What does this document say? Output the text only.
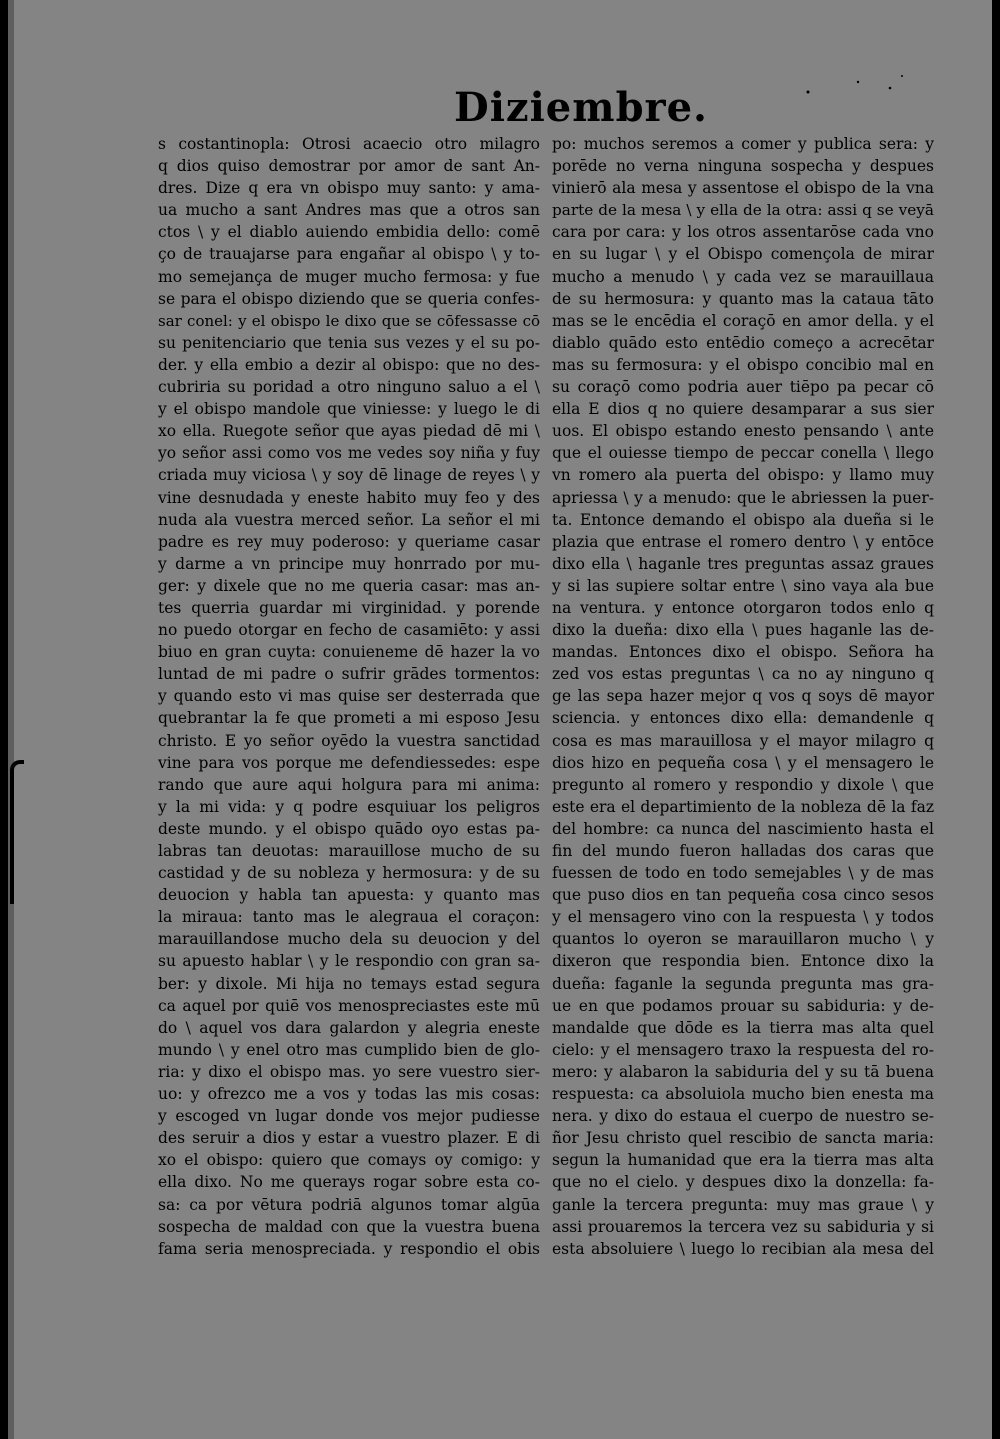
Diziembre.
s costantinopla: Otrosi acaecio otro milagro
q dios quiso demostrar por amor de sant An-
dres. Dize q era vn obispo muy santo: y ama-
ua mucho a sant Andres mas que a otros san
ctos \ y el diablo auiendo embidia dello: comē
ço de trauajarse para engañar al obispo \ y to-
mo semejança de muger mucho fermosa: y fue
se para el obispo diziendo que se queria confes-
sar conel: y el obispo le dixo que se cōfessasse cō
su penitenciario que tenia sus vezes y el su po-
der. y ella embio a dezir al obispo: que no des-
cubriria su poridad a otro ninguno saluo a el \
y el obispo mandole que viniesse: y luego le di
xo ella. Ruegote señor que ayas piedad dē mi \
yo señor assi como vos me vedes soy niña y fuy
criada muy viciosa \ y soy dē linage de reyes \ y
vine desnudada y eneste habito muy feo y des
nuda ala vuestra merced señor. La señor el mi
padre es rey muy poderoso: y queriame casar
y darme a vn principe muy honrrado por mu-
ger: y dixele que no me queria casar: mas an-
tes querria guardar mi virginidad. y porende
no puedo otorgar en fecho de casamiēto: y assi
biuo en gran cuyta: conuieneme dē hazer la vo
luntad de mi padre o sufrir grādes tormentos:
y quando esto vi mas quise ser desterrada que
quebrantar la fe que prometi a mi esposo Jesu
christo. E yo señor oyēdo la vuestra sanctidad
vine para vos porque me defendiessedes: espe
rando que aure aqui holgura para mi anima:
y la mi vida: y q podre esquiuar los peligros
deste mundo. y el obispo quādo oyo estas pa-
labras tan deuotas: marauillose mucho de su
castidad y de su nobleza y hermosura: y de su
deuocion y habla tan apuesta: y quanto mas
la miraua: tanto mas le alegraua el coraçon:
marauillandose mucho dela su deuocion y del
su apuesto hablar \ y le respondio con gran sa-
ber: y dixole. Mi hija no temays estad segura
ca aquel por quiē vos menospreciastes este mū
do \ aquel vos dara galardon y alegria eneste
mundo \ y enel otro mas cumplido bien de glo-
ria: y dixo el obispo mas. yo sere vuestro sier-
uo: y ofrezco me a vos y todas las mis cosas:
y escoged vn lugar donde vos mejor pudiesse
des seruir a dios y estar a vuestro plazer. E di
xo el obispo: quiero que comays oy comigo: y
ella dixo. No me querays rogar sobre esta co-
sa: ca por vētura podriā algunos tomar algūa
sospecha de maldad con que la vuestra buena
fama seria menospreciada. y respondio el obis
po: muchos seremos a comer y publica sera: y
porēde no verna ninguna sospecha y despues
vinierō ala mesa y assentose el obispo de la vna
parte de la mesa \ y ella de la otra: assi q se veyā
cara por cara: y los otros assentarōse cada vno
en su lugar \ y el Obispo començola de mirar
mucho a menudo \ y cada vez se marauillaua
de su hermosura: y quanto mas la cataua tāto
mas se le encēdia el coraçō en amor della. y el
diablo quādo esto entēdio começo a acrecētar
mas su fermosura: y el obispo concibio mal en
su coraçō como podria auer tiēpo pa pecar cō
ella E dios q no quiere desamparar a sus sier
uos. El obispo estando enesto pensando \ ante
que el ouiesse tiempo de peccar conella \ llego
vn romero ala puerta del obispo: y llamo muy
apriessa \ y a menudo: que le abriessen la puer-
ta. Entonce demando el obispo ala dueña si le
plazia que entrase el romero dentro \ y entōce
dixo ella \ haganle tres preguntas assaz graues
y si las supiere soltar entre \ sino vaya ala bue
na ventura. y entonce otorgaron todos enlo q
dixo la dueña: dixo ella \ pues haganle las de-
mandas. Entonces dixo el obispo. Señora ha
zed vos estas preguntas \ ca no ay ninguno q
ge las sepa hazer mejor q vos q soys dē mayor
sciencia. y entonces dixo ella: demandenle q
cosa es mas marauillosa y el mayor milagro q
dios hizo en pequeña cosa \ y el mensagero le
pregunto al romero y respondio y dixole \ que
este era el departimiento de la nobleza dē la faz
del hombre: ca nunca del nascimiento hasta el
fin del mundo fueron halladas dos caras que
fuessen de todo en todo semejables \ y de mas
que puso dios en tan pequeña cosa cinco sesos
y el mensagero vino con la respuesta \ y todos
quantos lo oyeron se marauillaron mucho \ y
dixeron que respondia bien. Entonce dixo la
dueña: faganle la segunda pregunta mas gra-
ue en que podamos prouar su sabiduria: y de-
mandalde que dōde es la tierra mas alta quel
cielo: y el mensagero traxo la respuesta del ro-
mero: y alabaron la sabiduria del y su tā buena
respuesta: ca absoluiola mucho bien enesta ma
nera. y dixo do estaua el cuerpo de nuestro se-
ñor Jesu christo quel rescibio de sancta maria:
segun la humanidad que era la tierra mas alta
que no el cielo. y despues dixo la donzella: fa-
ganle la tercera pregunta: muy mas graue \ y
assi prouaremos la tercera vez su sabiduria y si
esta absoluiere \ luego lo recibian ala mesa del
